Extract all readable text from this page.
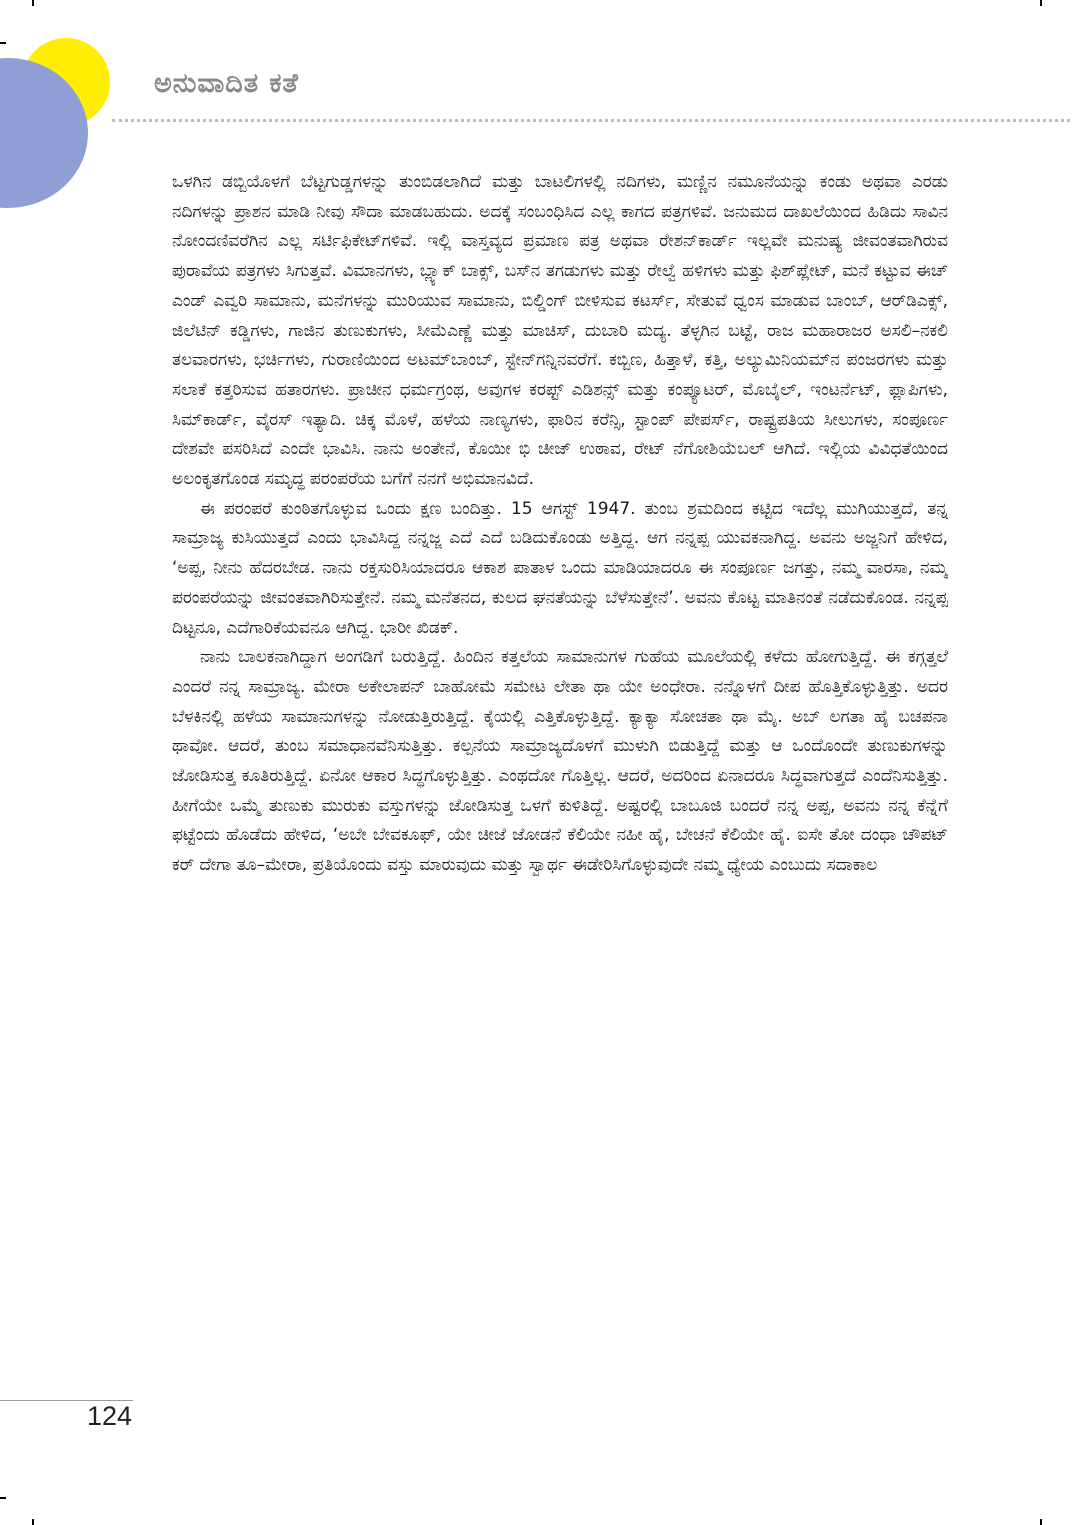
ಅನುವಾದಿತ ಕತೆ

ಒಳಗಿನ ಡಬ್ಬಿಯೊಳಗೆ ಬೆಟ್ಟಗುಡ್ಡಗಳನ್ನು ತುಂಬಿಡಲಾಗಿದೆ ಮತ್ತು ಬಾಟಲಿಗಳಲ್ಲಿ ನದಿಗಳು, ಮಣ್ಣಿನ ನಮೂನೆಯನ್ನು ಕಂಡು ಅಥವಾ ಎರಡು ನದಿಗಳನ್ನು ಪ್ರಾಶನ ಮಾಡಿ ನೀವು ಸೌದಾ ಮಾಡಬಹುದು. ಅದಕ್ಕೆ ಸಂಬಂಧಿಸಿದ ಎಲ್ಲ ಕಾಗದ ಪತ್ರಗಳಿವೆ. ಜನುಮದ ದಾಖಲೆಯಿಂದ ಹಿಡಿದು ಸಾವಿನ ನೋಂದಣಿವರೆಗಿನ ಎಲ್ಲ ಸರ್ಟಿಫಿಕೇಟ್‌ಗಳಿವೆ. ಇಲ್ಲಿ ವಾಸ್ತವ್ಯದ ಪ್ರಮಾಣ ಪತ್ರ ಅಥವಾ ರೇಶನ್‌ಕಾರ್ಡ್ ಇಲ್ಲವೇ ಮನುಷ್ಯ ಜೀವಂತವಾಗಿರುವ ಪುರಾವೆಯ ಪತ್ರಗಳು ಸಿಗುತ್ತವೆ. ವಿಮಾನಗಳು, ಬ್ಲ್ಯಾಕ್ ಬಾಕ್ಸ್, ಬಸ್‌ನ ತಗಡುಗಳು ಮತ್ತು ರೇಲ್ವೆ ಹಳಿಗಳು ಮತ್ತು ಫಿಶ್‌ಪ್ಲೇಟ್, ಮನೆ ಕಟ್ಟುವ ಈಚ್ ಎಂಡ್ ಎವ್ವರಿ ಸಾಮಾನು, ಮನೆಗಳನ್ನು ಮುರಿಯುವ ಸಾಮಾನು, ಬಿಲ್ಡಿಂಗ್ ಬೀಳಿಸುವ ಕಟರ್ಸ್, ಸೇತುವೆ ಧ್ವಂಸ ಮಾಡುವ ಬಾಂಬ್, ಆರ್‌ಡಿಎಕ್ಸ್, ಜಿಲೆಟಿನ್ ಕಡ್ಡಿಗಳು, ಗಾಜಿನ ತುಣುಕುಗಳು, ಸೀಮೆಎಣ್ಣೆ ಮತ್ತು ಮಾಚಿಸ್, ದುಬಾರಿ ಮದ್ಯ. ತೆಳ್ಳಗಿನ ಬಟ್ಟೆ, ರಾಜ ಮಹಾರಾಜರ ಅಸಲಿ–ನಕಲಿ ತಲವಾರಗಳು, ಭರ್ಚಿಗಳು, ಗುರಾಣಿಯಿಂದ ಅಟಮ್‌ಬಾಂಬ್, ಸ್ಟೇನ್‌ಗನ್ನಿನವರೆಗೆ. ಕಬ್ಬಿಣ, ಹಿತ್ತಾಳೆ, ಕತ್ತಿ, ಅಲ್ಯುಮಿನಿಯಮ್‌ನ ಪಂಜರಗಳು ಮತ್ತು ಸಲಾಕೆ ಕತ್ತರಿಸುವ ಹತಾರಗಳು. ಪ್ರಾಚೀನ ಧರ್ಮಗ್ರಂಥ, ಅವುಗಳ ಕರಪ್ಟ್ ಎಡಿಶನ್ಸ್ ಮತ್ತು ಕಂಪ್ಯೂಟರ್, ಮೊಬೈಲ್, ಇಂಟರ್ನೆಟ್, ಫ್ಲಾಪಿಗಳು, ಸಿಮ್‌ಕಾರ್ಡ್, ವೈರಸ್ ಇತ್ಯಾದಿ. ಚಿಕ್ಕ ಮೊಳೆ, ಹಳೆಯ ನಾಣ್ಯಗಳು, ಫಾರಿನ ಕರೆನ್ಸಿ, ಸ್ಟಾಂಪ್ ಪೇಪರ್ಸ್, ರಾಷ್ಟ್ರಪತಿಯ ಸೀಲುಗಳು, ಸಂಪೂರ್ಣ ದೇಶವೇ ಪಸರಿಸಿದೆ ಎಂದೇ ಭಾವಿಸಿ. ನಾನು ಅಂತೇನೆ, ಕೊಯೀ ಭಿ ಚೀಜ್ ಉಠಾವ, ರೇಟ್ ನೆಗೋಶಿಯೆಬಲ್ ಆಗಿದೆ. ಇಲ್ಲಿಯ ವಿವಿಧತೆಯಿಂದ ಅಲಂಕೃತಗೊಂಡ ಸಮೃದ್ಧ ಪರಂಪರೆಯ ಬಗೆಗೆ ನನಗೆ ಅಭಿಮಾನವಿದೆ.

ಈ ಪರಂಪರೆ ಕುಂಠಿತಗೊಳ್ಳುವ ಒಂದು ಕ್ಷಣ ಬಂದಿತ್ತು. 15 ಆಗಸ್ಟ್ 1947. ತುಂಬ ಶ್ರಮದಿಂದ ಕಟ್ಟಿದ ಇದೆಲ್ಲ ಮುಗಿಯುತ್ತದೆ, ತನ್ನ ಸಾಮ್ರಾಜ್ಯ ಕುಸಿಯುತ್ತದೆ ಎಂದು ಭಾವಿಸಿದ್ದ ನನ್ನಜ್ಜ ಎದೆ ಎದೆ ಬಡಿದುಕೊಂಡು ಅತ್ತಿದ್ದ. ಆಗ ನನ್ನಪ್ಪ ಯುವಕನಾಗಿದ್ದ. ಅವನು ಅಜ್ಜನಿಗೆ ಹೇಳಿದ, ‘ಅಪ್ಪ, ನೀನು ಹೆದರಬೇಡ. ನಾನು ರಕ್ತಸುರಿಸಿಯಾದರೂ ಆಕಾಶ ಪಾತಾಳ ಒಂದು ಮಾಡಿಯಾದರೂ ಈ ಸಂಪೂರ್ಣ ಜಗತ್ತು, ನಮ್ಮ ವಾರಸಾ, ನಮ್ಮ ಪರಂಪರೆಯನ್ನು ಜೀವಂತವಾಗಿರಿಸುತ್ತೇನೆ. ನಮ್ಮ ಮನೆತನದ, ಕುಲದ ಘನತೆಯನ್ನು ಬೆಳೆಸುತ್ತೇನೆ’. ಅವನು ಕೊಟ್ಟ ಮಾತಿನಂತೆ ನಡೆದುಕೊಂಡ. ನನ್ನಪ್ಪ ದಿಟ್ಟನೂ, ಎದೆಗಾರಿಕೆಯವನೂ ಆಗಿದ್ದ. ಭಾರೀ ಖಿಡಕ್.

ನಾನು ಬಾಲಕನಾಗಿದ್ದಾಗ ಅಂಗಡಿಗೆ ಬರುತ್ತಿದ್ದೆ. ಹಿಂದಿನ ಕತ್ತಲೆಯ ಸಾಮಾನುಗಳ ಗುಹೆಯ ಮೂಲೆಯಲ್ಲಿ ಕಳೆದು ಹೋಗುತ್ತಿದ್ದೆ. ಈ ಕಗ್ಗತ್ತಲೆ ಎಂದರೆ ನನ್ನ ಸಾಮ್ರಾಜ್ಯ. ಮೇರಾ ಅಕೇಲಾಪನ್ ಬಾಹೋಮೆ ಸಮೇಟ ಲೇತಾ ಥಾ ಯೇ ಅಂಧೇರಾ. ನನ್ನೊಳಗೆ ದೀಪ ಹೊತ್ತಿಕೊಳ್ಳುತ್ತಿತ್ತು. ಅದರ ಬೆಳಕಿನಲ್ಲಿ ಹಳೆಯ ಸಾಮಾನುಗಳನ್ನು ನೋಡುತ್ತಿರುತ್ತಿದ್ದೆ. ಕೈಯಲ್ಲಿ ಎತ್ತಿಕೊಳ್ಳುತ್ತಿದ್ದೆ. ಕ್ಯಾಕ್ಯಾ ಸೋಚತಾ ಥಾ ಮೈ. ಅಬ್ ಲಗತಾ ಹೈ ಬಚಪನಾ ಥಾವೋ. ಆದರೆ, ತುಂಬ ಸಮಾಧಾನವೆನಿಸುತ್ತಿತ್ತು. ಕಲ್ಪನೆಯ ಸಾಮ್ರಾಜ್ಯದೊಳಗೆ ಮುಳುಗಿ ಬಿಡುತ್ತಿದ್ದೆ ಮತ್ತು ಆ ಒಂದೊಂದೇ ತುಣುಕುಗಳನ್ನು ಜೋಡಿಸುತ್ತ ಕೂತಿರುತ್ತಿದ್ದೆ. ಏನೋ ಆಕಾರ ಸಿದ್ಧಗೊಳ್ಳುತ್ತಿತ್ತು. ಎಂಥದೋ ಗೊತ್ತಿಲ್ಲ. ಆದರೆ, ಅದರಿಂದ ಏನಾದರೂ ಸಿದ್ಧವಾಗುತ್ತದೆ ಎಂದೆನಿಸುತ್ತಿತ್ತು. ಹೀಗೆಯೇ ಒಮ್ಮೆ ತುಣುಕು ಮುರುಕು ವಸ್ತುಗಳನ್ನು ಜೋಡಿಸುತ್ತ ಒಳಗೆ ಕುಳಿತಿದ್ದೆ. ಅಷ್ಟರಲ್ಲಿ ಬಾಬೂಜಿ ಬಂದರೆ ನನ್ನ ಅಪ್ಪ, ಅವನು ನನ್ನ ಕೆನ್ನೆಗೆ ಫಟ್ಟೆಂದು ಹೊಡೆದು ಹೇಳಿದ, ‘ಅಬೇ ಬೇವಕೂಫ್, ಯೇ ಚೀಜೆ ಜೋಡನೆ ಕೆಲಿಯೇ ನಹೀ ಹೈ, ಬೇಚನೆ ಕೆಲಿಯೇ ಹೈ. ಐಸೇ ತೋ ದಂಧಾ ಚೌಪಟ್ ಕರ್ ದೇಗಾ ತೂ–ಮೇರಾ, ಪ್ರತಿಯೊಂದು ವಸ್ತು ಮಾರುವುದು ಮತ್ತು ಸ್ವಾರ್ಥ ಈಡೇರಿಸಿಗೊಳ್ಳುವುದೇ ನಮ್ಮ ಧ್ಯೇಯ ಎಂಬುದು ಸದಾಕಾಲ

124
